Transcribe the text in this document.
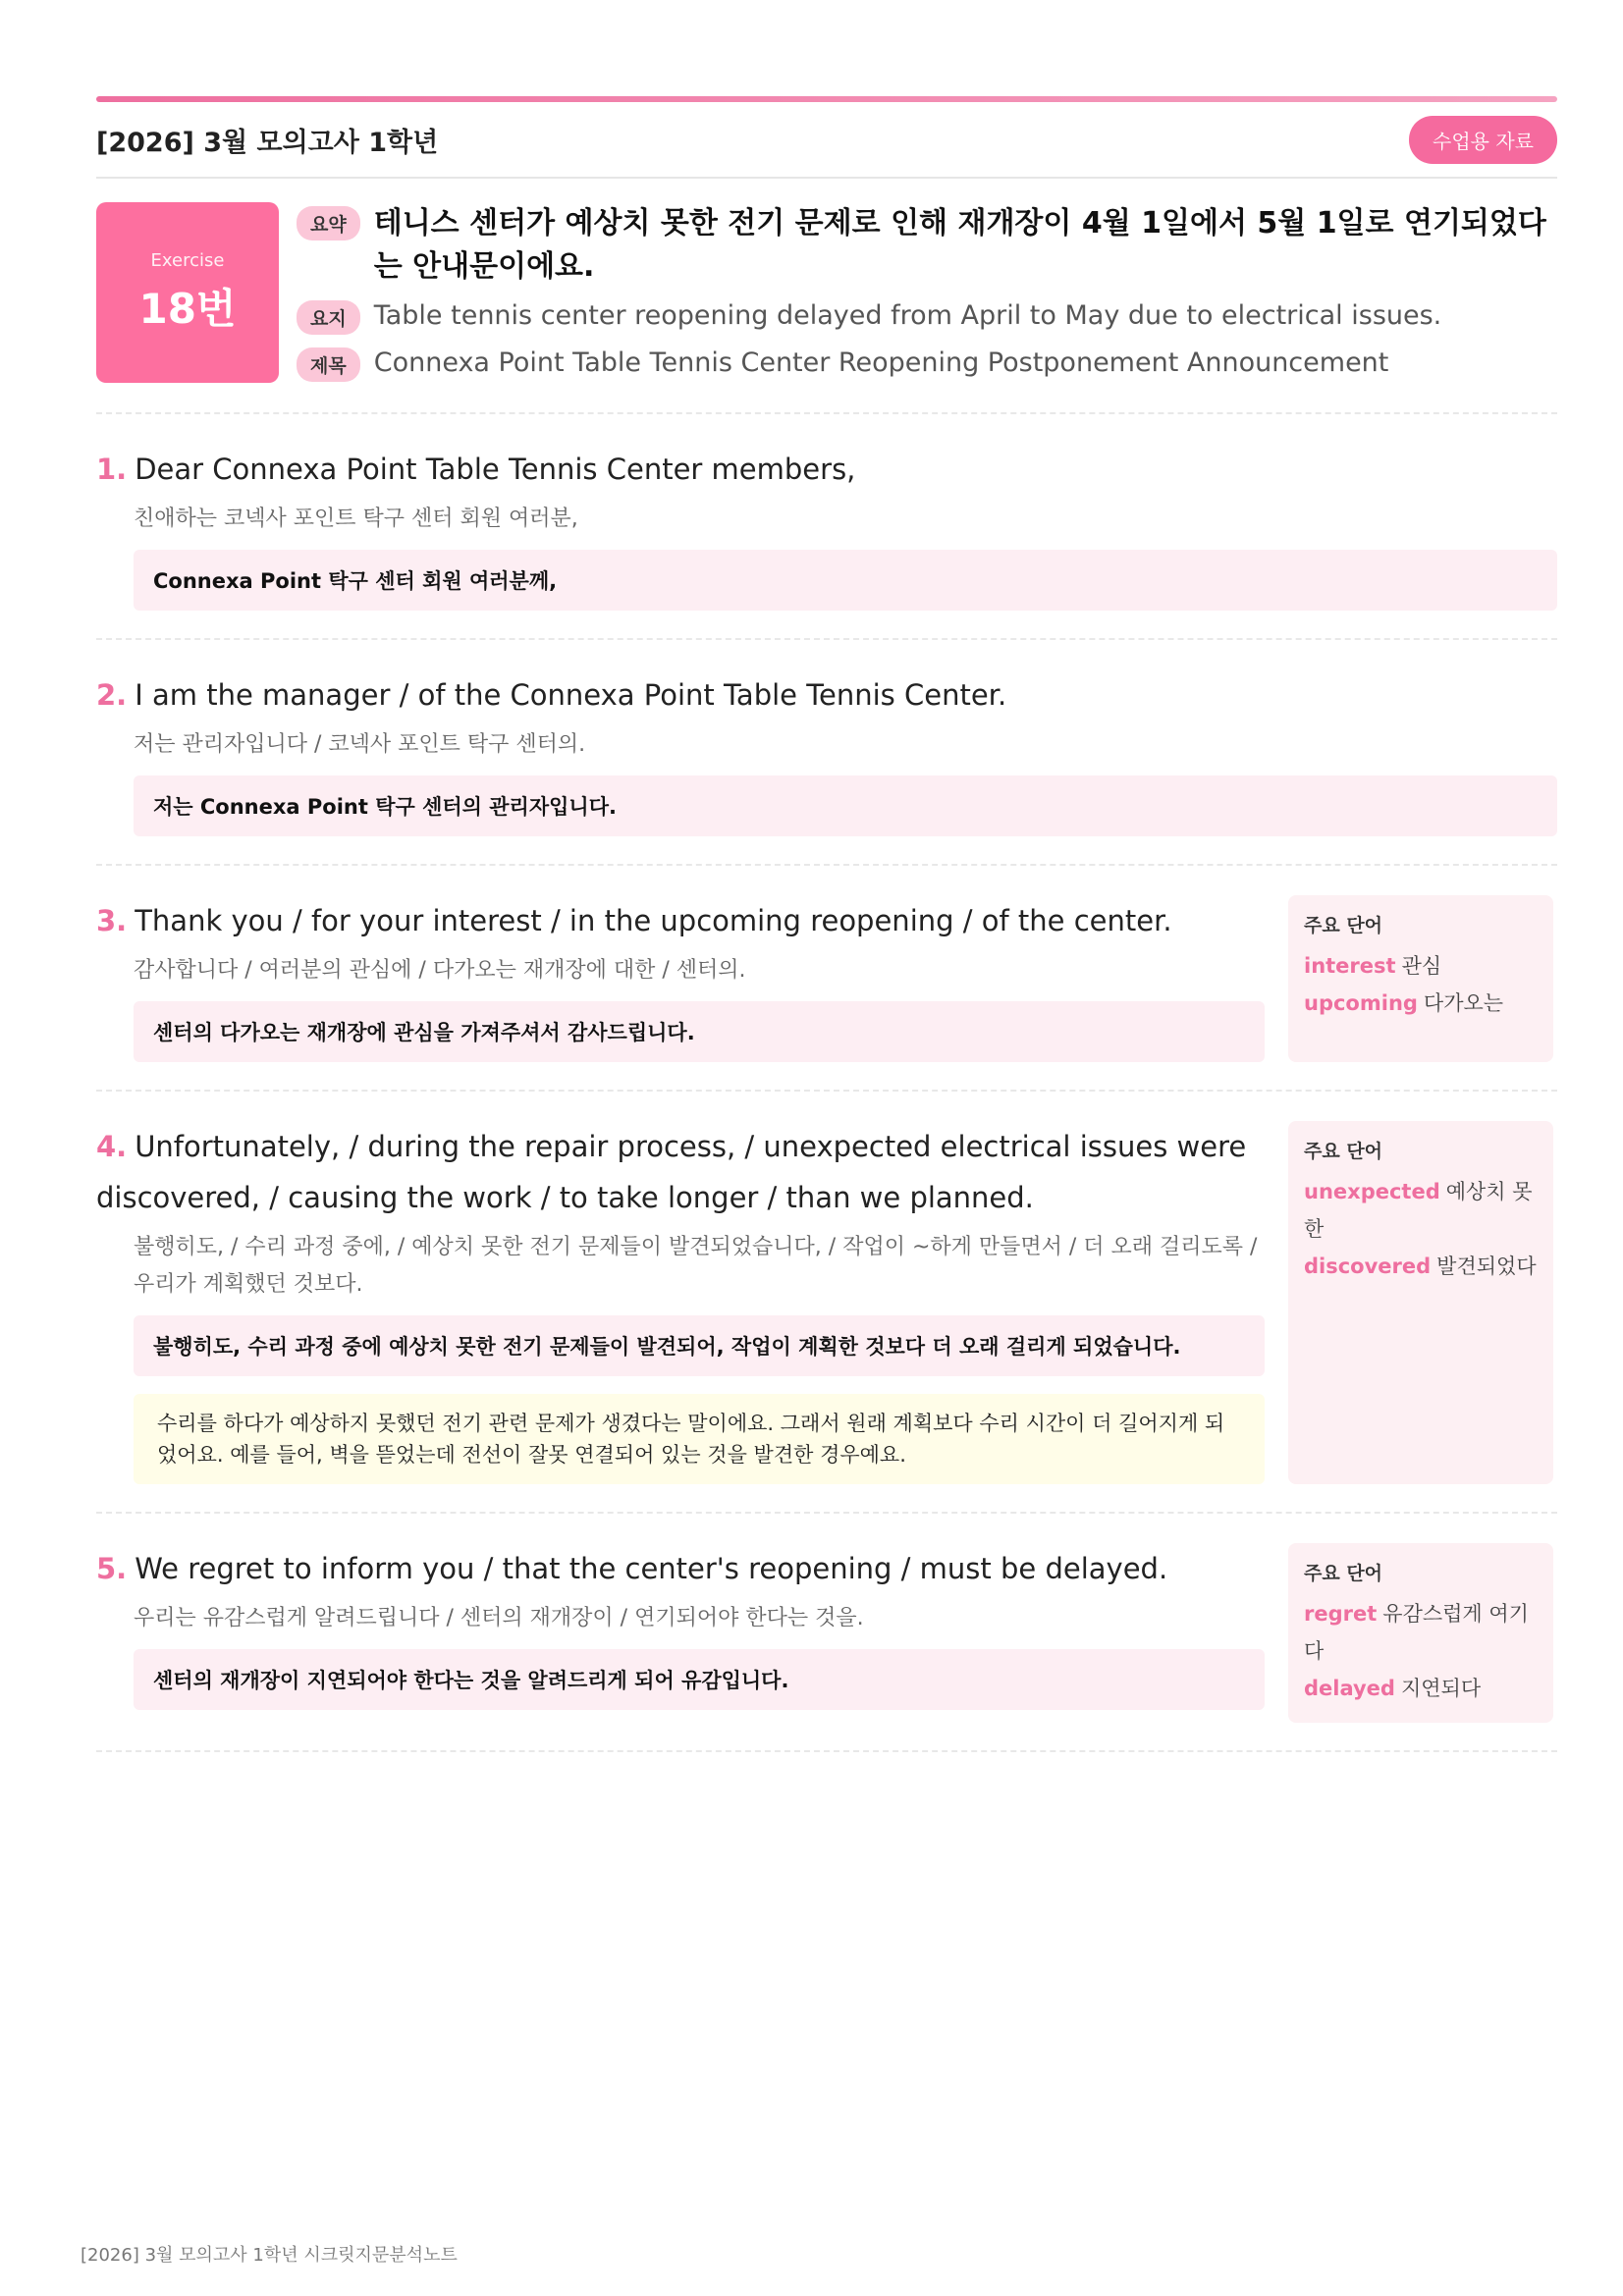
[2026] 3월 모의고사 1학년	수업용 자료
Exercise
18번
요약 테니스 센터가 예상치 못한 전기 문제로 인해 재개장이 4월 1일에서 5월 1일로 연기되었다는 안내문이에요.
요지	Table tennis center reopening delayed from April to May due to electrical issues.
제목	Connexa Point Table Tennis Center Reopening Postponement Announcement
1. Dear Connexa Point Table Tennis Center members,
친애하는 코넥사 포인트 탁구 센터 회원 여러분,
Connexa Point 탁구 센터 회원 여러분께,
2. I am the manager / of the Connexa Point Table Tennis Center.
저는 관리자입니다 / 코넥사 포인트 탁구 센터의.
저는 Connexa Point 탁구 센터의 관리자입니다.
3. Thank you / for your interest / in the upcoming reopening / of the center.
감사합니다 / 여러분의 관심에 / 다가오는 재개장에 대한 / 센터의.
센터의 다가오는 재개장에 관심을 가져주셔서 감사드립니다.
주요 단어
interest 관심
upcoming 다가오는
4. Unfortunately, / during the repair process, / unexpected electrical issues were discovered, / causing the work / to take longer / than we planned.
불행히도, / 수리 과정 중에, / 예상치 못한 전기 문제들이 발견되었습니다, / 작업이 ~하게 만들면서 / 더 오래 걸리도록 / 우리가 계획했던 것보다.
불행히도, 수리 과정 중에 예상치 못한 전기 문제들이 발견되어, 작업이 계획한 것보다 더 오래 걸리게 되었습니다.
수리를 하다가 예상하지 못했던 전기 관련 문제가 생겼다는 말이에요. 그래서 원래 계획보다 수리 시간이 더 길어지게 되었어요. 예를 들어, 벽을 뜯었는데 전선이 잘못 연결되어 있는 것을 발견한 경우예요.
주요 단어
unexpected 예상치 못한
discovered 발견되었다
5. We regret to inform you / that the center's reopening / must be delayed.
우리는 유감스럽게 알려드립니다 / 센터의 재개장이 / 연기되어야 한다는 것을.
센터의 재개장이 지연되어야 한다는 것을 알려드리게 되어 유감입니다.
주요 단어
regret 유감스럽게 여기다
delayed 지연되다
[2026] 3월 모의고사 1학년 시크릿지문분석노트
